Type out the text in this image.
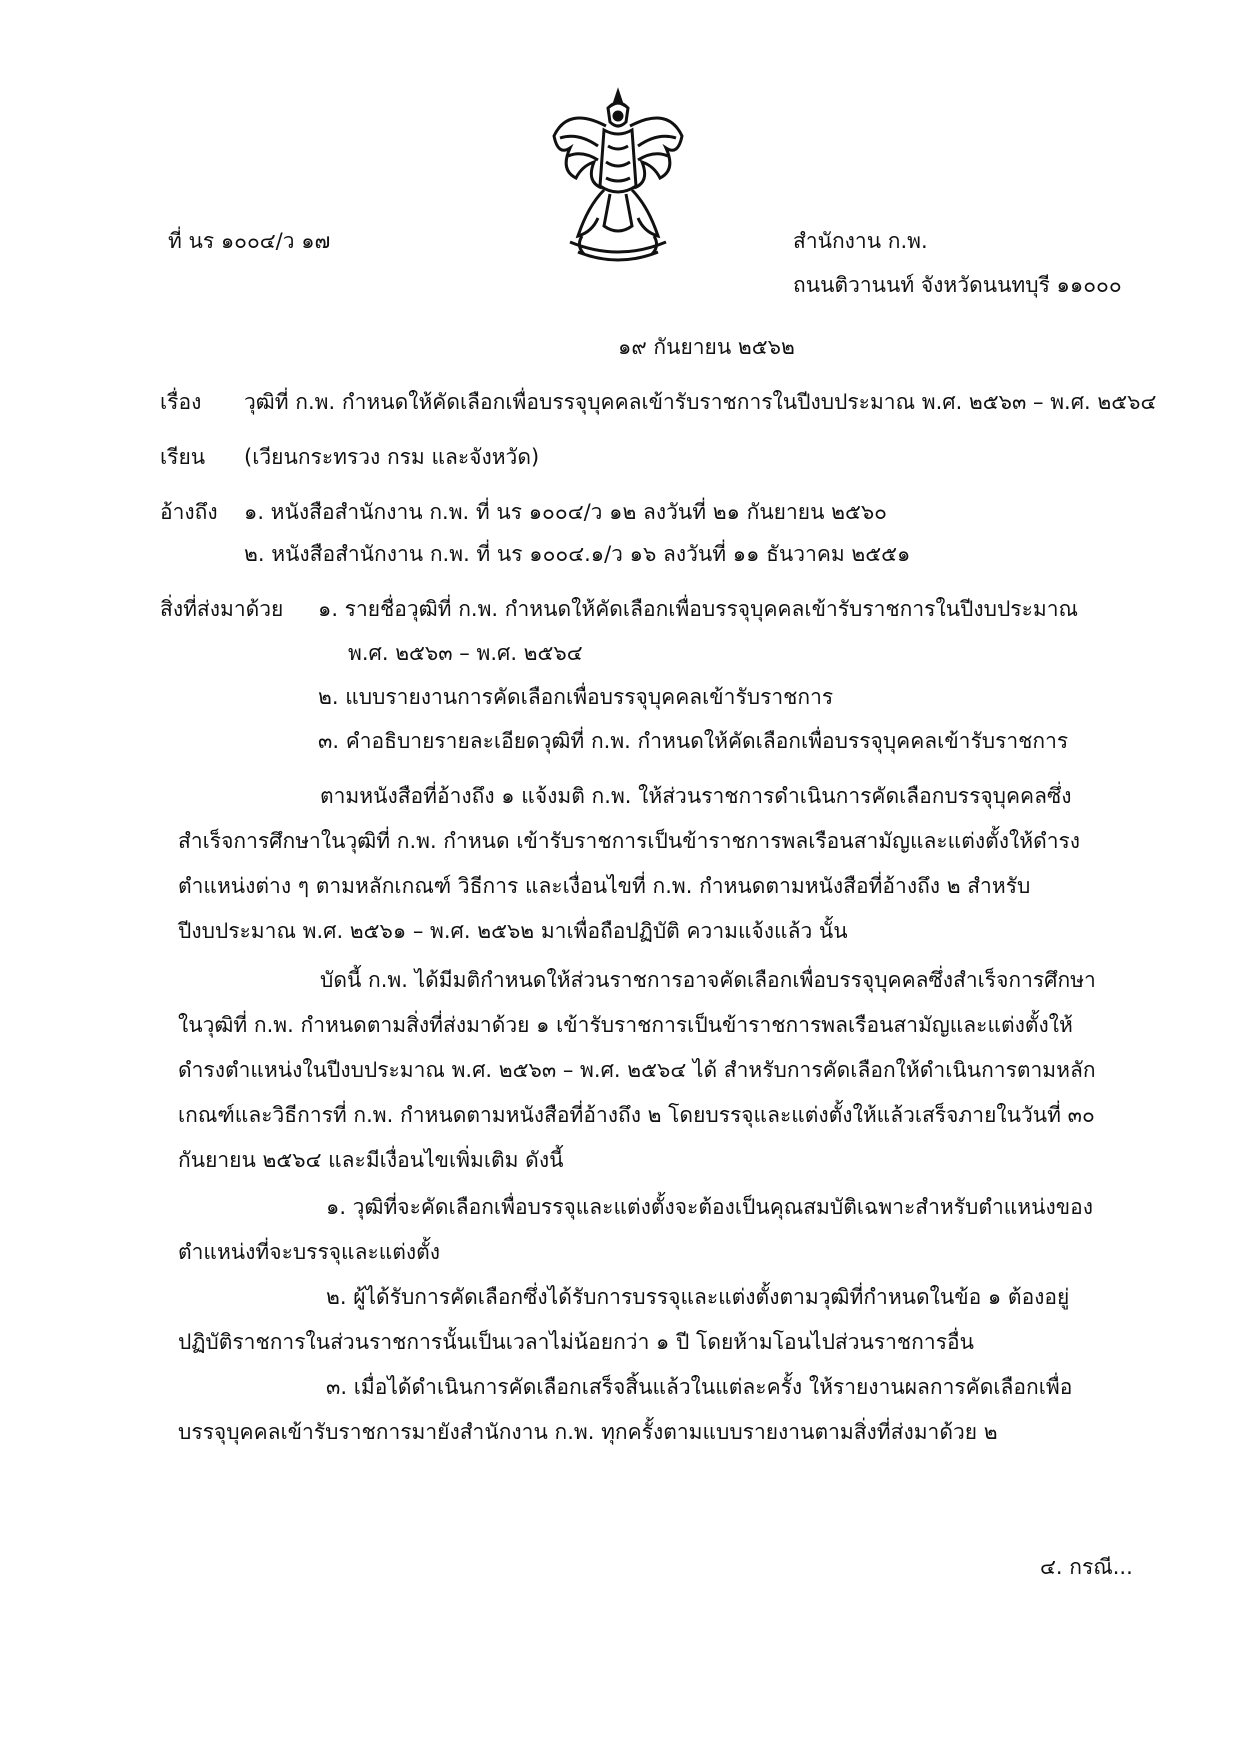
ที่ นร ๑๐๐๔/ว ๑๗	สำนักงาน ก.พ.
ถนนติวานนท์ จังหวัดนนทบุรี ๑๑๐๐๐
๑๙ กันยายน ๒๕๖๒
เรื่อง วุฒิที่ ก.พ. กำหนดให้คัดเลือกเพื่อบรรจุบุคคลเข้ารับราชการในปีงบประมาณ พ.ศ. ๒๕๖๓ – พ.ศ. ๒๕๖๔
เรียน (เวียนกระทรวง กรม และจังหวัด)
อ้างถึง ๑. หนังสือสำนักงาน ก.พ. ที่ นร ๑๐๐๔/ว ๑๒ ลงวันที่ ๒๑ กันยายน ๒๕๖๐
๒. หนังสือสำนักงาน ก.พ. ที่ นร ๑๐๐๔.๑/ว ๑๖ ลงวันที่ ๑๑ ธันวาคม ๒๕๕๑
สิ่งที่ส่งมาด้วย ๑. รายชื่อวุฒิที่ ก.พ. กำหนดให้คัดเลือกเพื่อบรรจุบุคคลเข้ารับราชการในปีงบประมาณ
พ.ศ. ๒๕๖๓ – พ.ศ. ๒๕๖๔
๒. แบบรายงานการคัดเลือกเพื่อบรรจุบุคคลเข้ารับราชการ
๓. คำอธิบายรายละเอียดวุฒิที่ ก.พ. กำหนดให้คัดเลือกเพื่อบรรจุบุคคลเข้ารับราชการ
ตามหนังสือที่อ้างถึง ๑ แจ้งมติ ก.พ. ให้ส่วนราชการดำเนินการคัดเลือกบรรจุบุคคลซึ่งสำเร็จการศึกษาในวุฒิที่ ก.พ. กำหนด เข้ารับราชการเป็นข้าราชการพลเรือนสามัญและแต่งตั้งให้ดำรงตำแหน่งต่าง ๆ ตามหลักเกณฑ์ วิธีการ และเงื่อนไขที่ ก.พ. กำหนดตามหนังสือที่อ้างถึง ๒ สำหรับปีงบประมาณ พ.ศ. ๒๕๖๑ – พ.ศ. ๒๕๖๒ มาเพื่อถือปฏิบัติ ความแจ้งแล้ว นั้น
บัดนี้ ก.พ. ได้มีมติกำหนดให้ส่วนราชการอาจคัดเลือกเพื่อบรรจุบุคคลซึ่งสำเร็จการศึกษาในวุฒิที่ ก.พ. กำหนดตามสิ่งที่ส่งมาด้วย ๑ เข้ารับราชการเป็นข้าราชการพลเรือนสามัญและแต่งตั้งให้ดำรงตำแหน่งในปีงบประมาณ พ.ศ. ๒๕๖๓ – พ.ศ. ๒๕๖๔ ได้ สำหรับการคัดเลือกให้ดำเนินการตามหลักเกณฑ์และวิธีการที่ ก.พ. กำหนดตามหนังสือที่อ้างถึง ๒ โดยบรรจุและแต่งตั้งให้แล้วเสร็จภายในวันที่ ๓๐ กันยายน ๒๕๖๔ และมีเงื่อนไขเพิ่มเติม ดังนี้
๑. วุฒิที่จะคัดเลือกเพื่อบรรจุและแต่งตั้งจะต้องเป็นคุณสมบัติเฉพาะสำหรับตำแหน่งของตำแหน่งที่จะบรรจุและแต่งตั้ง
๒. ผู้ได้รับการคัดเลือกซึ่งได้รับการบรรจุและแต่งตั้งตามวุฒิที่กำหนดในข้อ ๑ ต้องอยู่ปฏิบัติราชการในส่วนราชการนั้นเป็นเวลาไม่น้อยกว่า ๑ ปี โดยห้ามโอนไปส่วนราชการอื่น
๓. เมื่อได้ดำเนินการคัดเลือกเสร็จสิ้นแล้วในแต่ละครั้ง ให้รายงานผลการคัดเลือกเพื่อบรรจุบุคคลเข้ารับราชการมายังสำนักงาน ก.พ. ทุกครั้งตามแบบรายงานตามสิ่งที่ส่งมาด้วย ๒
๔. กรณี...
